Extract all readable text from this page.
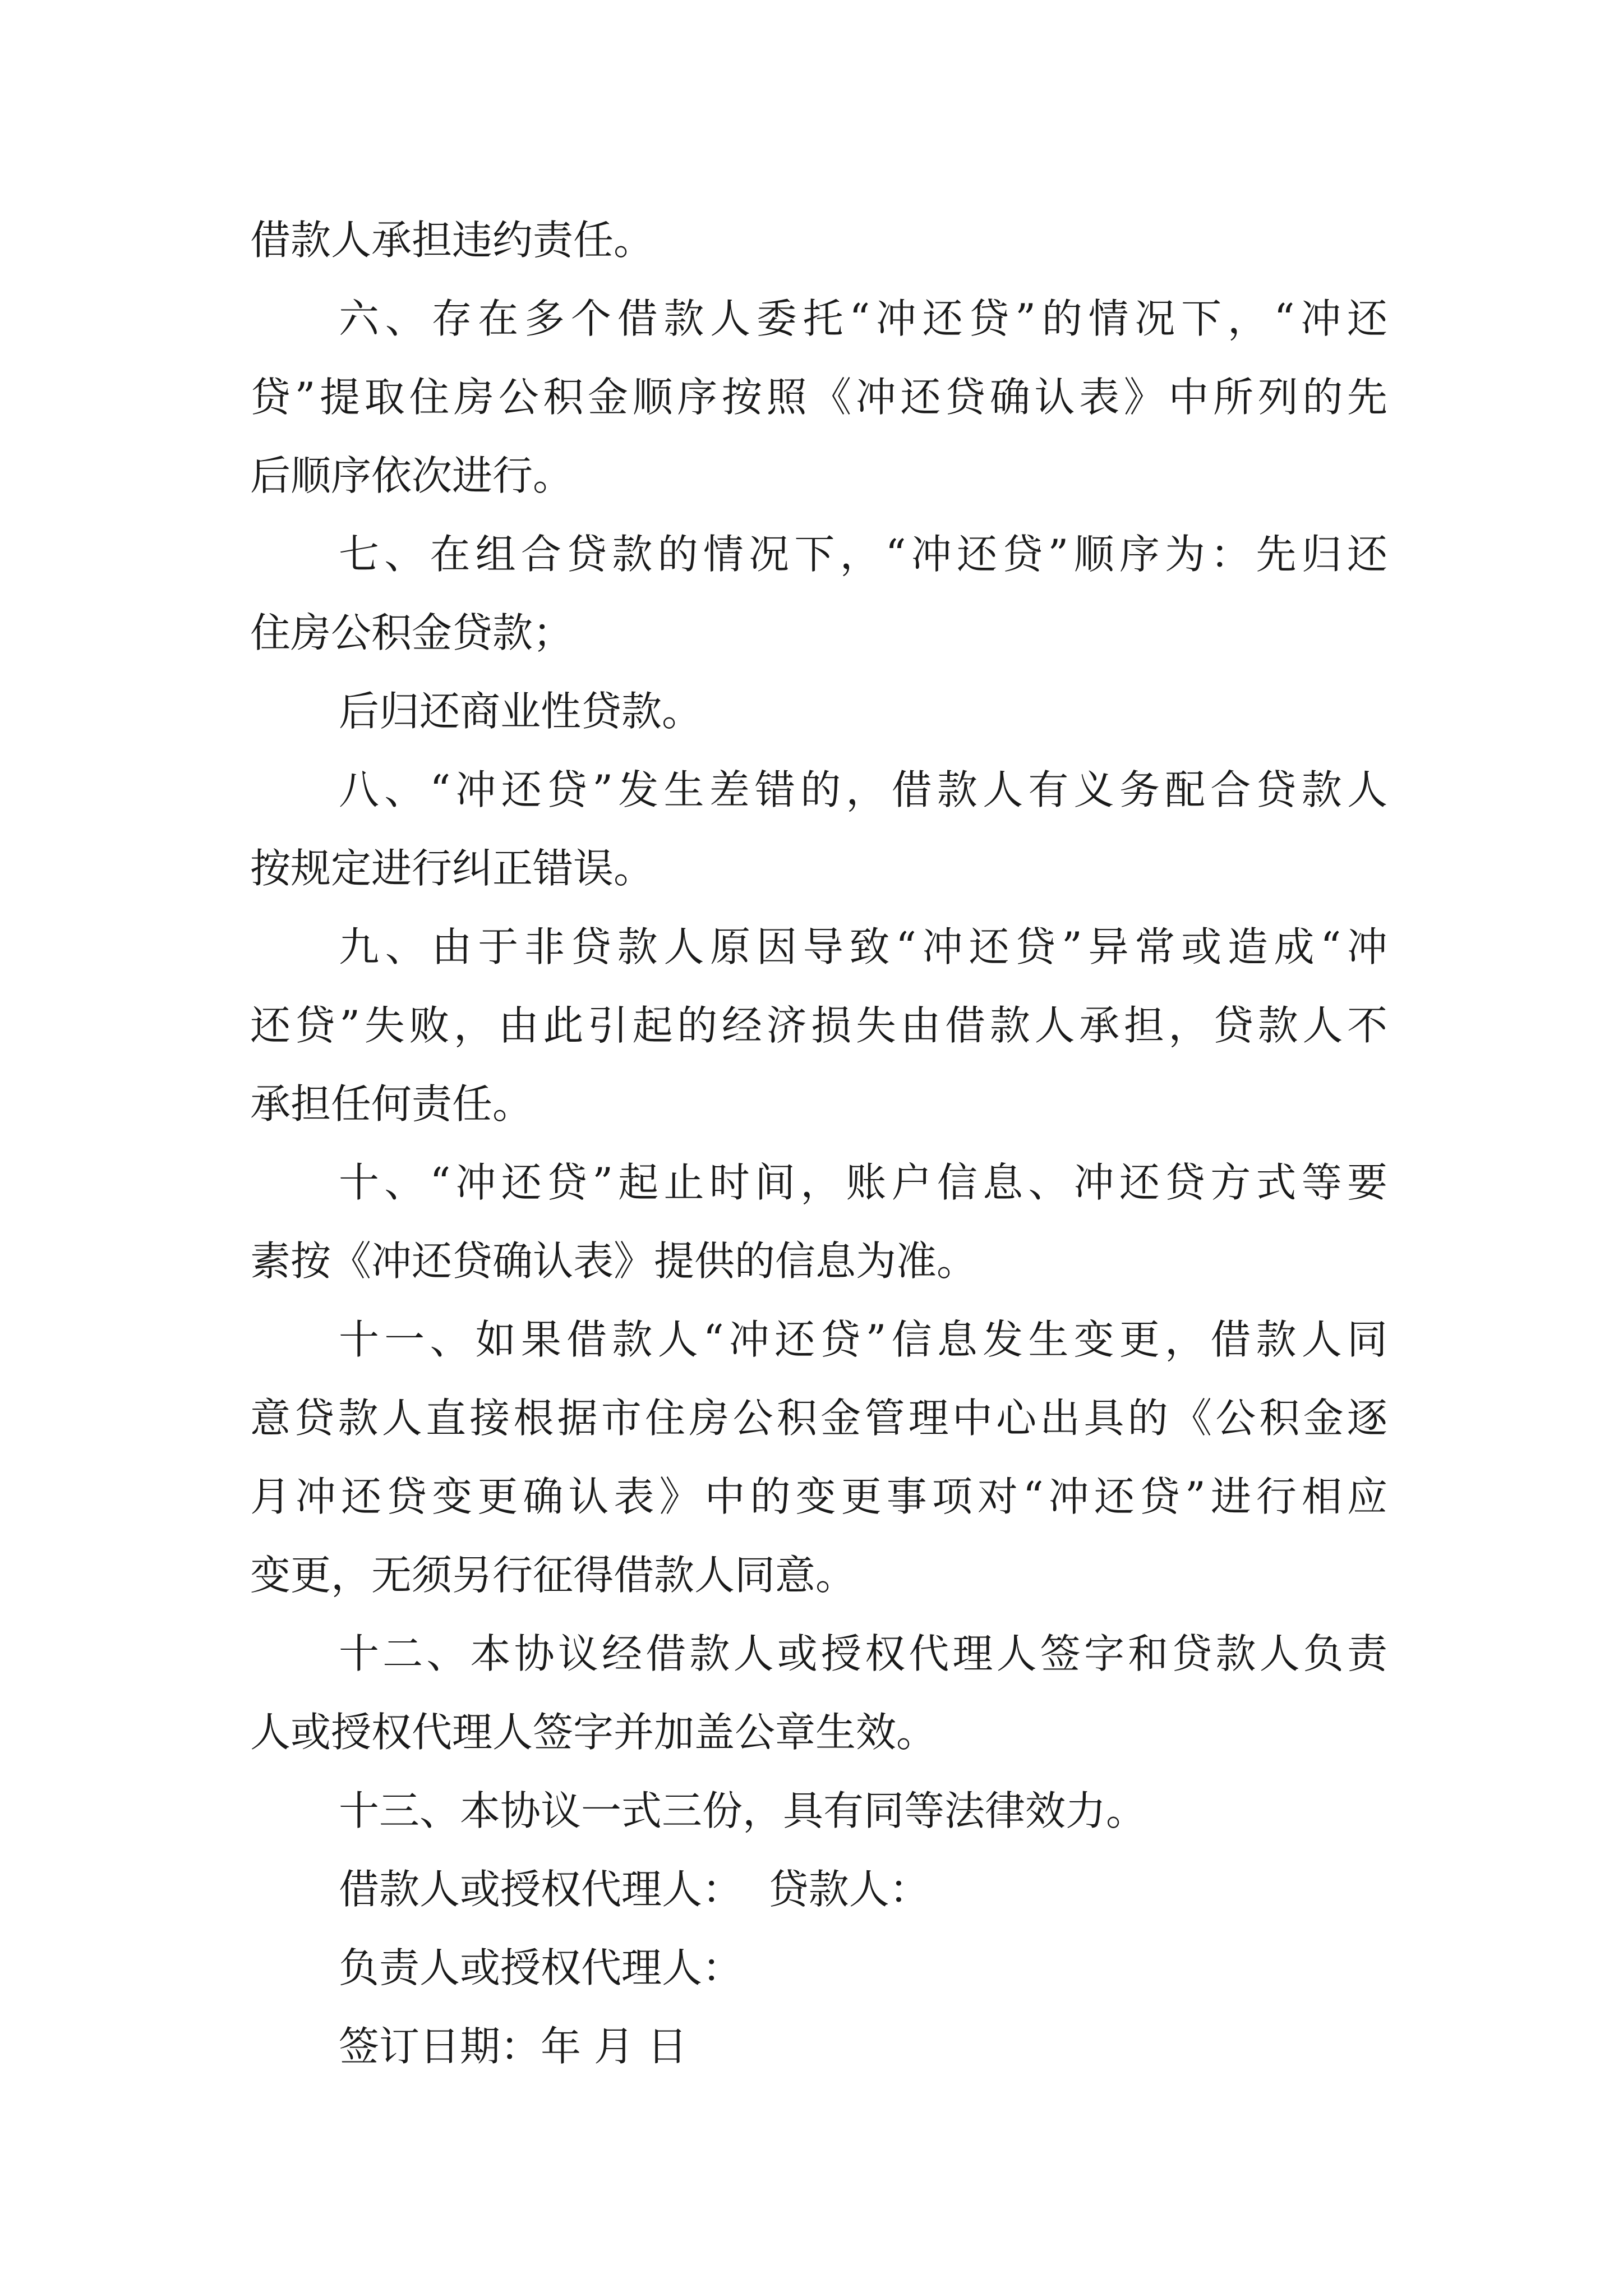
借款人承担违约责任。

六、存在多个借款人委托“冲还贷”的情况下，“冲还

贷”提取住房公积金顺序按照《冲还贷确认表》中所列的先

后顺序依次进行。

七、在组合贷款的情况下，“冲还贷”顺序为：先归还

住房公积金贷款；

后归还商业性贷款。

八、“冲还贷”发生差错的，借款人有义务配合贷款人

按规定进行纠正错误。

九、由于非贷款人原因导致“冲还贷”异常或造成“冲

还贷”失败，由此引起的经济损失由借款人承担，贷款人不

承担任何责任。

十、“冲还贷”起止时间，账户信息、冲还贷方式等要

素按《冲还贷确认表》提供的信息为准。

十一、如果借款人“冲还贷”信息发生变更，借款人同

意贷款人直接根据市住房公积金管理中心出具的《公积金逐

月冲还贷变更确认表》中的变更事项对“冲还贷”进行相应

变更，无须另行征得借款人同意。

十二、本协议经借款人或授权代理人签字和贷款人负责

人或授权代理人签字并加盖公章生效。

十三、本协议一式三份，具有同等法律效力。

借款人或授权代理人：  贷款人：

负责人或授权代理人：

签订日期：年 月 日
